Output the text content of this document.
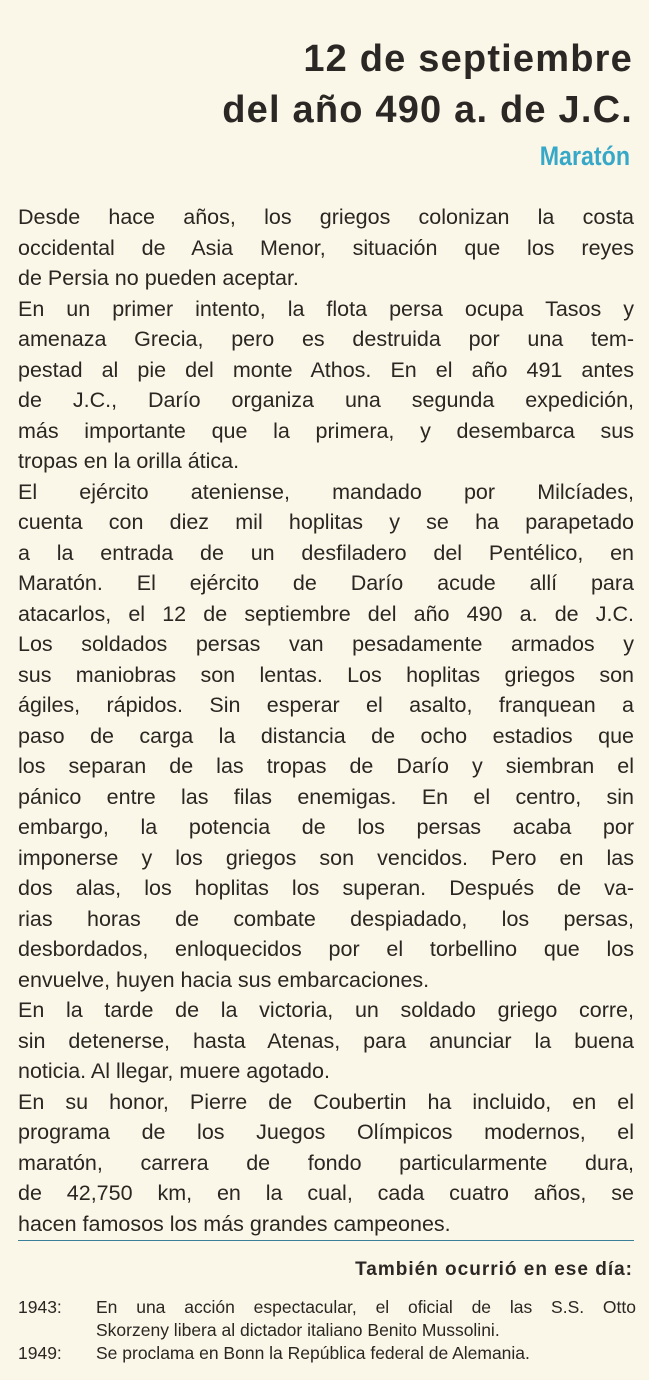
12 de septiembre
del año 490 a. de J.C.
Maratón
Desde hace años, los griegos colonizan la costa
occidental de Asia Menor, situación que los reyes
de Persia no pueden aceptar.
En un primer intento, la flota persa ocupa Tasos y
amenaza Grecia, pero es destruida por una tem-
pestad al pie del monte Athos. En el año 491 antes
de J.C., Darío organiza una segunda expedición,
más importante que la primera, y desembarca sus
tropas en la orilla ática.
El ejército ateniense, mandado por Milcíades,
cuenta con diez mil hoplitas y se ha parapetado
a la entrada de un desfiladero del Pentélico, en
Maratón. El ejército de Darío acude allí para
atacarlos, el 12 de septiembre del año 490 a. de J.C.
Los soldados persas van pesadamente armados y
sus maniobras son lentas. Los hoplitas griegos son
ágiles, rápidos. Sin esperar el asalto, franquean a
paso de carga la distancia de ocho estadios que
los separan de las tropas de Darío y siembran el
pánico entre las filas enemigas. En el centro, sin
embargo, la potencia de los persas acaba por
imponerse y los griegos son vencidos. Pero en las
dos alas, los hoplitas los superan. Después de va-
rias horas de combate despiadado, los persas,
desbordados, enloquecidos por el torbellino que los
envuelve, huyen hacia sus embarcaciones.
En la tarde de la victoria, un soldado griego corre,
sin detenerse, hasta Atenas, para anunciar la buena
noticia. Al llegar, muere agotado.
En su honor, Pierre de Coubertin ha incluido, en el
programa de los Juegos Olímpicos modernos, el
maratón, carrera de fondo particularmente dura,
de 42,750 km, en la cual, cada cuatro años, se
hacen famosos los más grandes campeones.
También ocurrió en ese día:
1943:	En una acción espectacular, el oficial de las S.S. Otto
Skorzeny libera al dictador italiano Benito Mussolini.
1949:	Se proclama en Bonn la República federal de Alemania.
